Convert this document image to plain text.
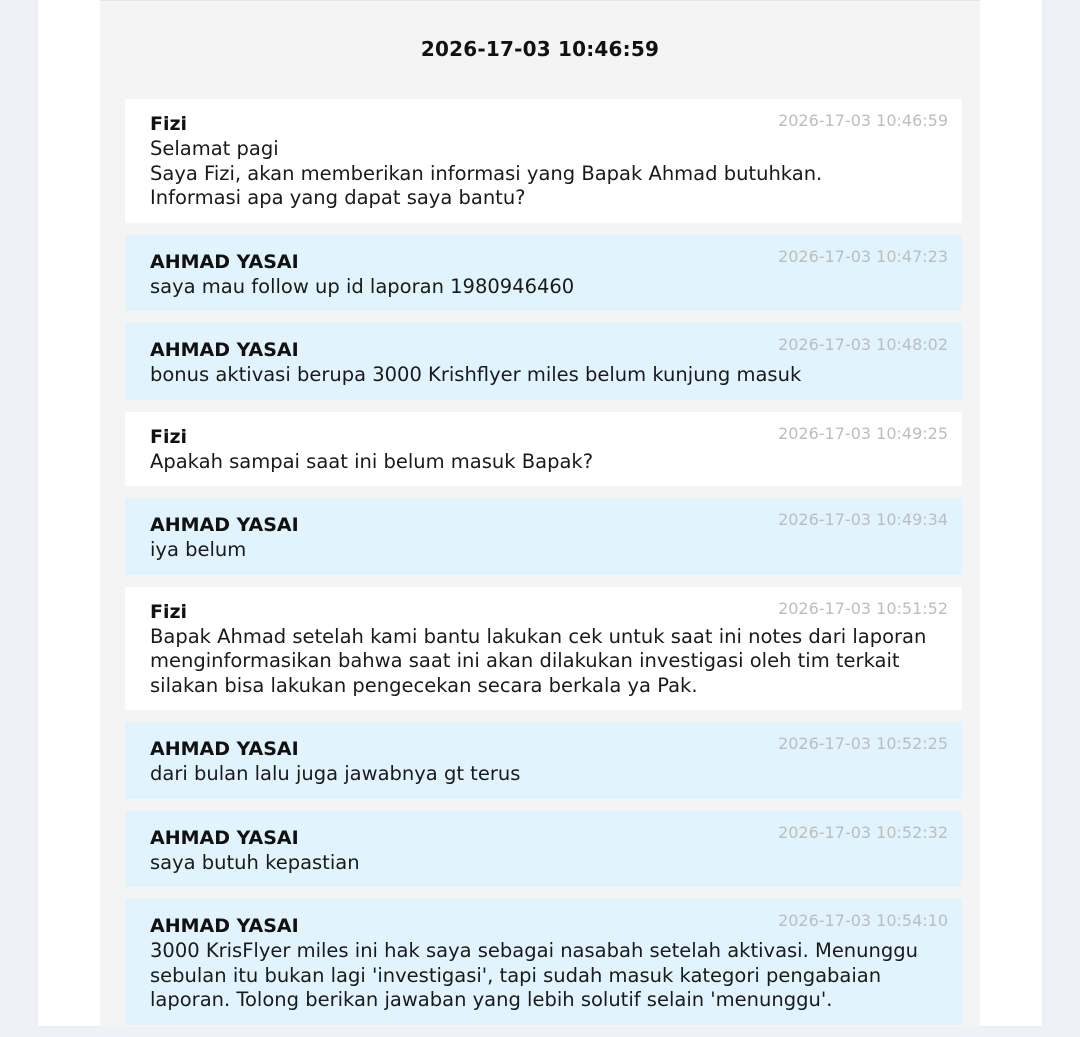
2026-17-03 10:46:59
Fizi	2026-17-03 10:46:59
Selamat pagi
Saya Fizi, akan memberikan informasi yang Bapak Ahmad butuhkan.
Informasi apa yang dapat saya bantu?
AHMAD YASAI	2026-17-03 10:47:23
saya mau follow up id laporan 1980946460
AHMAD YASAI	2026-17-03 10:48:02
bonus aktivasi berupa 3000 Krishflyer miles belum kunjung masuk
Fizi	2026-17-03 10:49:25
Apakah sampai saat ini belum masuk Bapak?
AHMAD YASAI	2026-17-03 10:49:34
iya belum
Fizi	2026-17-03 10:51:52
Bapak Ahmad setelah kami bantu lakukan cek untuk saat ini notes dari laporan
menginformasikan bahwa saat ini akan dilakukan investigasi oleh tim terkait
silakan bisa lakukan pengecekan secara berkala ya Pak.
AHMAD YASAI	2026-17-03 10:52:25
dari bulan lalu juga jawabnya gt terus
AHMAD YASAI	2026-17-03 10:52:32
saya butuh kepastian
AHMAD YASAI	2026-17-03 10:54:10
3000 KrisFlyer miles ini hak saya sebagai nasabah setelah aktivasi. Menunggu
sebulan itu bukan lagi 'investigasi', tapi sudah masuk kategori pengabaian
laporan. Tolong berikan jawaban yang lebih solutif selain 'menunggu'.
